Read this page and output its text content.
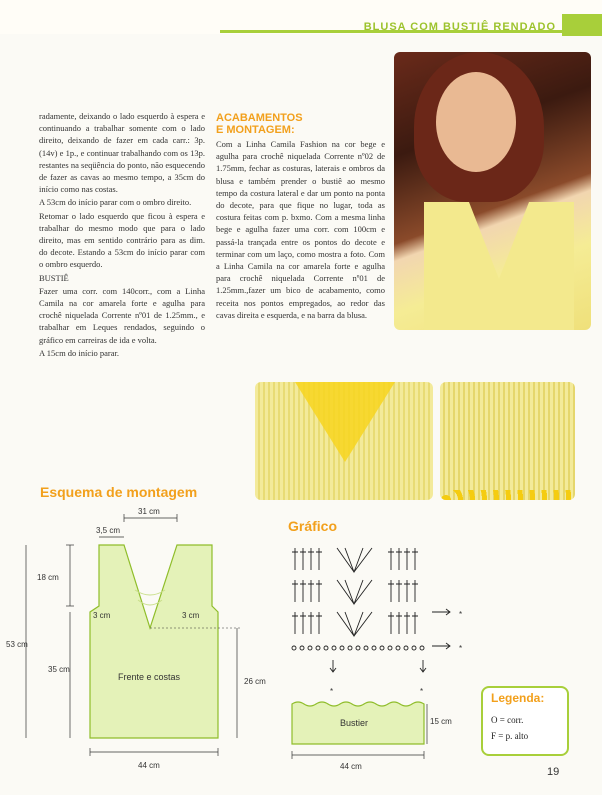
BLUSA COM BUSTIÊ RENDADO

radamente, deixando o lado esquerdo à espera e continuando a trabalhar somente com o lado direito, deixando de fazer em cada carr.: 3p. (14v) e 1p., e continuar trabalhando com os 13p. restantes na seqüência do ponto, não esquecendo de fazer as cavas ao mesmo tempo, a 35cm do início como nas costas.

A 53cm do início parar com o ombro direito.

Retomar o lado esquerdo que ficou à espera e trabalhar do mesmo modo que para o lado direito, mas em sentido contrário para as dim. do decote. Estando a 53cm do início parar com o ombro esquerdo.

BUSTIÊ

Fazer uma corr. com 140corr., com a Linha Camila na cor amarela forte e agulha para crochê niquelada Corrente nº01 de 1.25mm., e trabalhar em Leques rendados, seguindo o gráfico em carreiras de ida e volta.

A 15cm do início parar.

ACABAMENTOS
E MONTAGEM:
Com a Linha Camila Fashion na cor bege e agulha para crochê niquelada Corrente nº02 de 1.75mm, fechar as costuras, laterais e ombros da blusa e também prender o bustiê ao mesmo tempo da costura lateral e dar um ponto na ponta do decote, para que fique no lugar, toda as costura feitas com p. bxmo. Com a mesma linha bege e agulha fazer uma corr. com 100cm e passá-la trançada entre os pontos do decote e terminar com um laço, como mostra a foto. Com a Linha Camila na cor amarela forte e agulha para crochê niquelada Corrente nº01 de 1.25mm.,fazer um bico de acabamento, como receita nos pontos empregados, ao redor das cavas direita e esquerda, e na barra da blusa.
Esquema de montagem
Gráfico
31 cm
3,5 cm
18 cm
3 cm	3 cm
53 cm
35 cm
26 cm
44 cm
Frente e costas
*
*
*	*
Bustier	15 cm
44 cm
Legenda:
O = corr.
F = p. alto
19
